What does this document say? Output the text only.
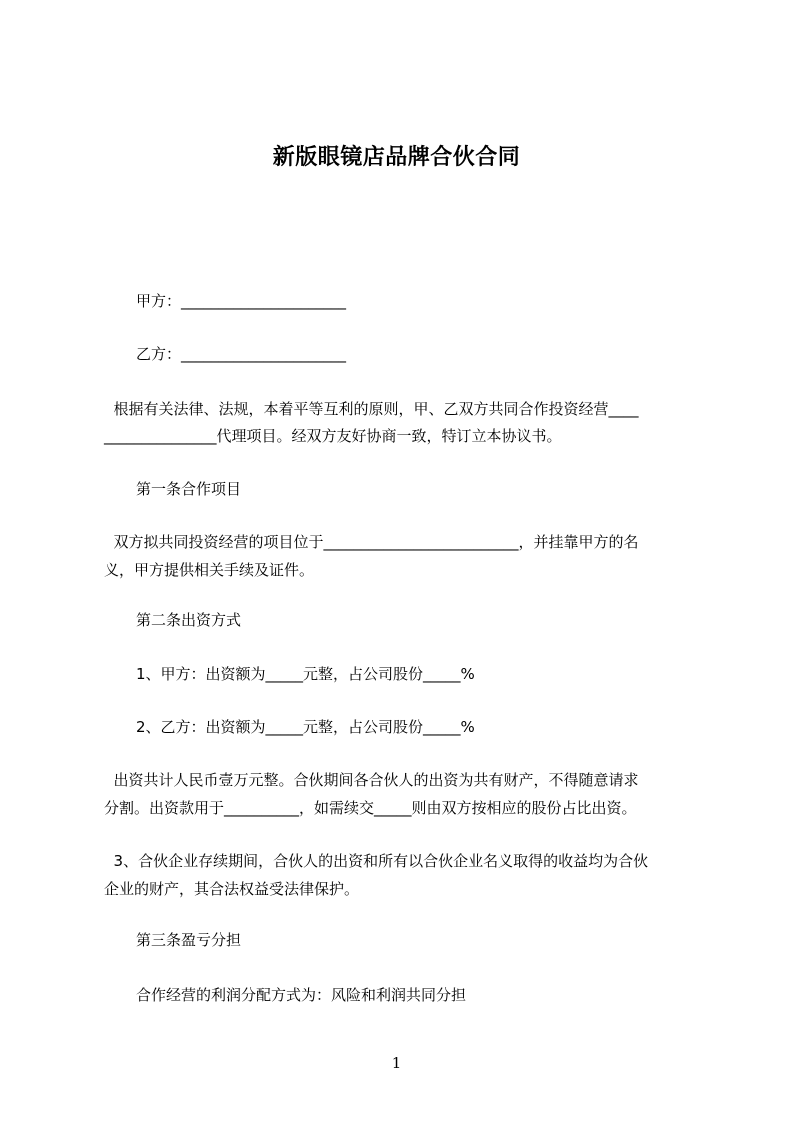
新版眼镜店品牌合伙合同
甲方：______________________
乙方：______________________
根据有关法律、法规，本着平等互利的原则，甲、乙双方共同合作投资经营____
_______________代理项目。经双方友好协商一致，特订立本协议书。
第一条合作项目
双方拟共同投资经营的项目位于__________________________，并挂靠甲方的名
义，甲方提供相关手续及证件。
第二条出资方式
1、甲方：出资额为_____元整，占公司股份_____%
2、乙方：出资额为_____元整，占公司股份_____%
出资共计人民币壹万元整。合伙期间各合伙人的出资为共有财产，不得随意请求
分割。出资款用于__________，如需续交_____则由双方按相应的股份占比出资。
3、合伙企业存续期间，合伙人的出资和所有以合伙企业名义取得的收益均为合伙
企业的财产，其合法权益受法律保护。
第三条盈亏分担
合作经营的利润分配方式为：风险和利润共同分担
1
